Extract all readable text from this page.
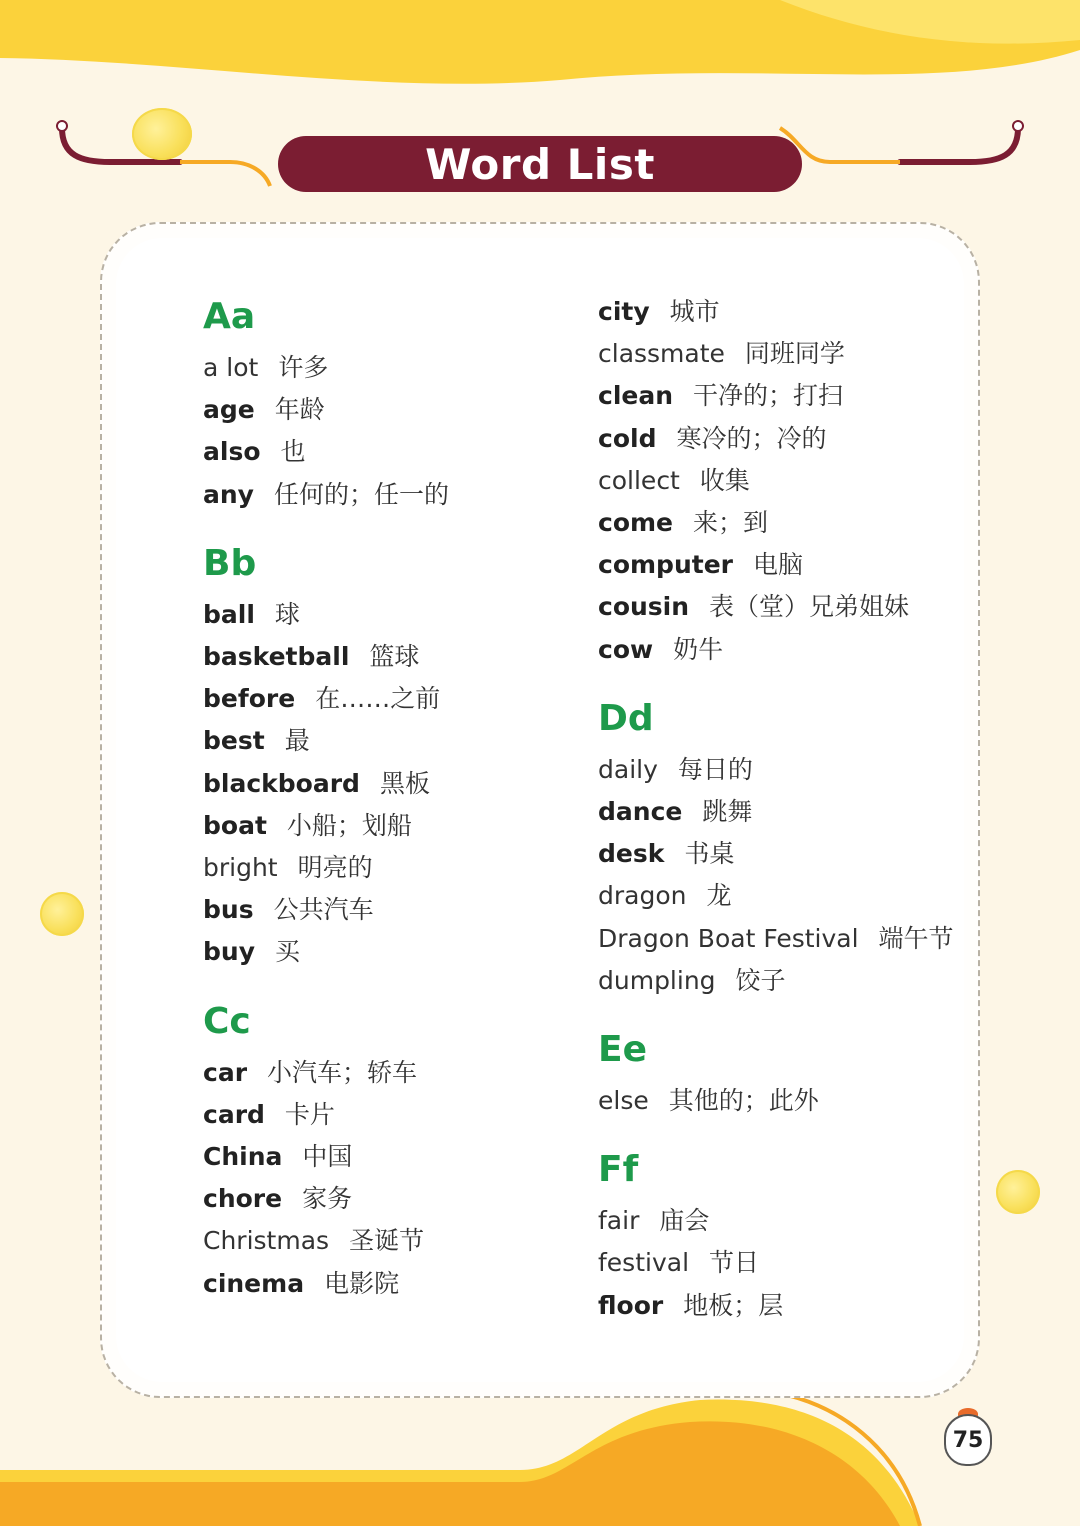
Word List
Aa
a lot 许多
age 年龄
also 也
any 任何的；任一的
Bb
ball 球
basketball 篮球
before 在……之前
best 最
blackboard 黑板
boat 小船；划船
bright 明亮的
bus 公共汽车
buy 买
Cc
car 小汽车；轿车
card 卡片
China 中国
chore 家务
Christmas 圣诞节
cinema 电影院
city 城市
classmate 同班同学
clean 干净的；打扫
cold 寒冷的；冷的
collect 收集
come 来；到
computer 电脑
cousin 表（堂）兄弟姐妹
cow 奶牛
Dd
daily 每日的
dance 跳舞
desk 书桌
dragon 龙
Dragon Boat Festival 端午节
dumpling 饺子
Ee
else 其他的；此外
Ff
fair 庙会
festival 节日
floor 地板；层
75
